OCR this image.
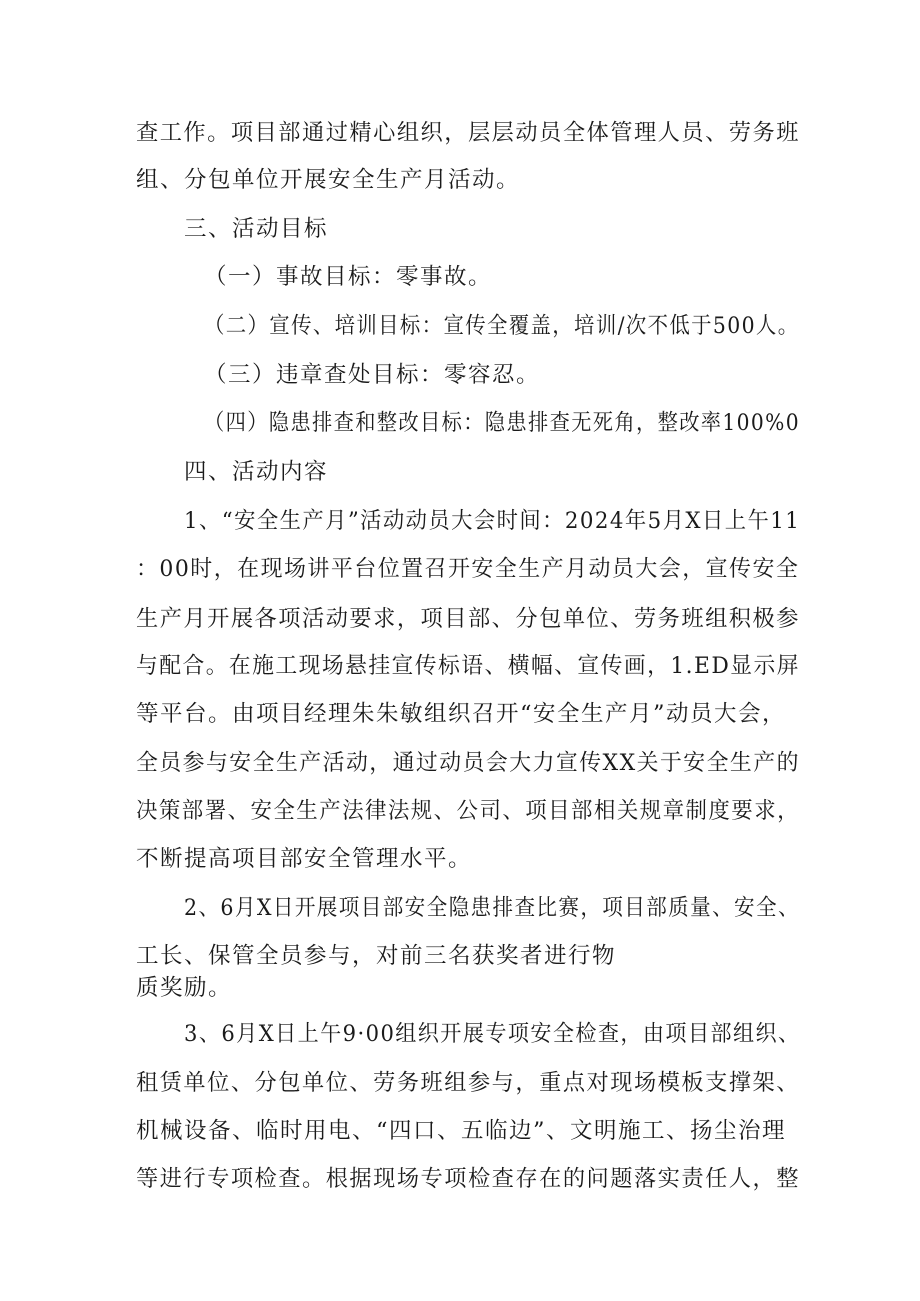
查工作。项目部通过精心组织，层层动员全体管理人员、劳务班
组、分包单位开展安全生产月活动。
三、活动目标
（一）事故目标：零事故。
（二）宣传、培训目标：宣传全覆盖，培训/次不低于500人。
（三）违章查处目标：零容忍。
（四）隐患排查和整改目标：隐患排查无死角，整改率100%0
四、活动内容
1、“安全生产月”活动动员大会时间：2024年5月X日上午11
：00时，在现场讲平台位置召开安全生产月动员大会，宣传安全
生产月开展各项活动要求，项目部、分包单位、劳务班组积极参
与配合。在施工现场悬挂宣传标语、横幅、宣传画，1.ED显示屏
等平台。由项目经理朱朱敏组织召开“安全生产月”动员大会，
全员参与安全生产活动，通过动员会大力宣传XX关于安全生产的
决策部署、安全生产法律法规、公司、项目部相关规章制度要求，
不断提高项目部安全管理水平。
2、6月X日开展项目部安全隐患排查比赛，项目部质量、安全、
工长、保管全员参与，对前三名获奖者进行物
质奖励。
3、6月X日上午9·00组织开展专项安全检查，由项目部组织、
租赁单位、分包单位、劳务班组参与，重点对现场模板支撑架、
机械设备、临时用电、“四口、五临边”、文明施工、扬尘治理
等进行专项检查。根据现场专项检查存在的问题落实责任人，整
